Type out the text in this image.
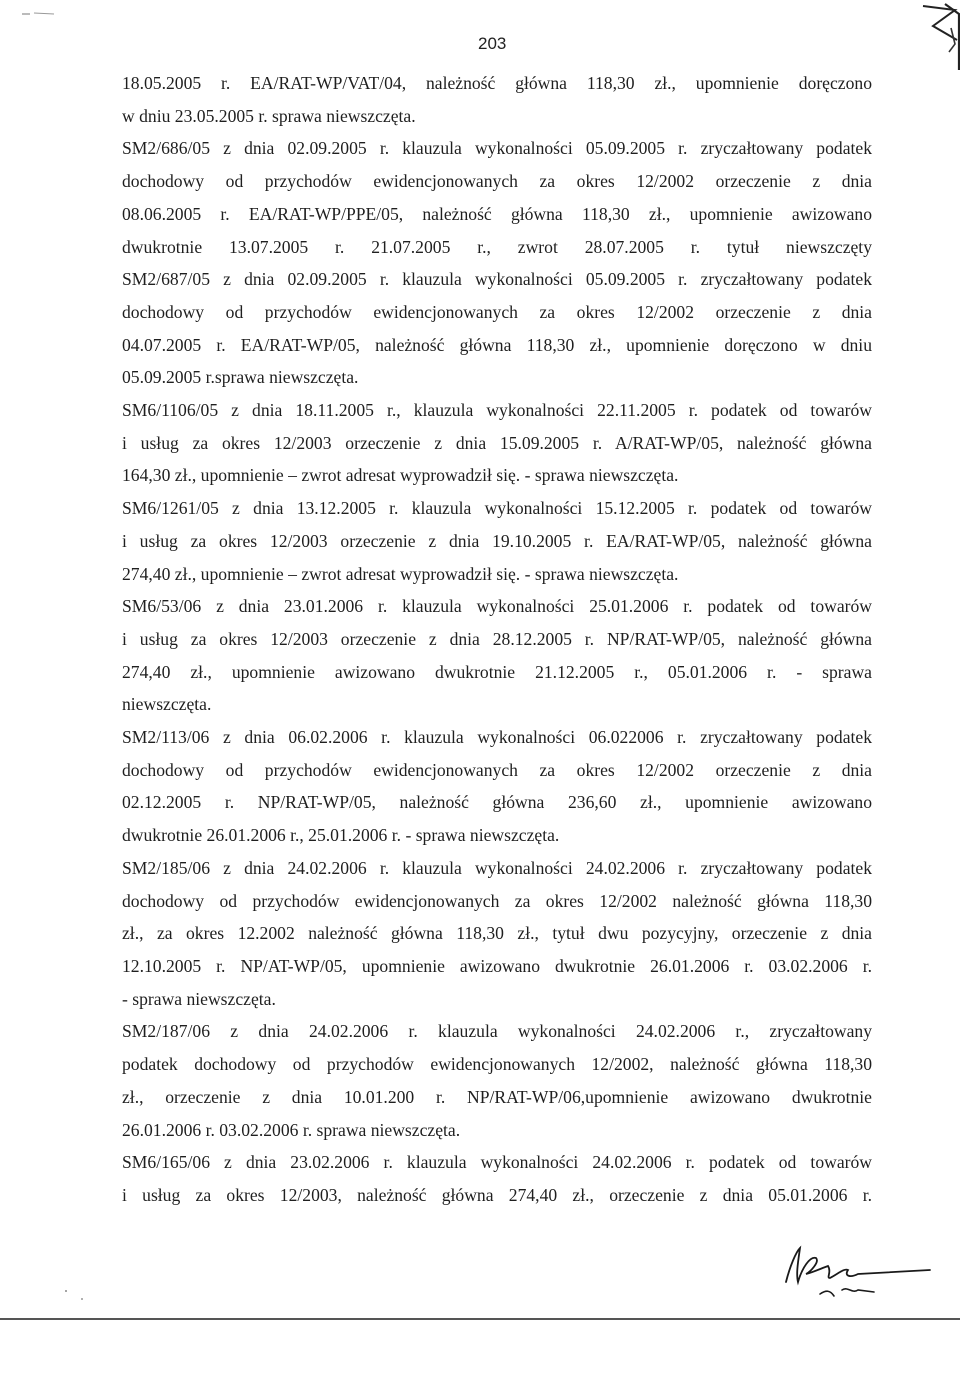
203
18.05.2005 r. EA/RAT-WP/VAT/04, należność główna 118,30 zł., upomnienie doręczono
w dniu 23.05.2005 r. sprawa niewszczęta.
SM2/686/05 z dnia 02.09.2005 r. klauzula wykonalności 05.09.2005 r. zryczałtowany podatek
dochodowy od przychodów ewidencjonowanych za okres 12/2002 orzeczenie z dnia
08.06.2005 r. EA/RAT-WP/PPE/05, należność główna 118,30 zł., upomnienie awizowano
dwukrotnie 13.07.2005 r. 21.07.2005 r., zwrot 28.07.2005 r. tytuł niewszczęty
SM2/687/05 z dnia 02.09.2005 r. klauzula wykonalności 05.09.2005 r. zryczałtowany podatek
dochodowy od przychodów ewidencjonowanych za okres 12/2002 orzeczenie z dnia
04.07.2005 r. EA/RAT-WP/05, należność główna 118,30 zł., upomnienie doręczono w dniu
05.09.2005 r.sprawa niewszczęta.
SM6/1106/05 z dnia 18.11.2005 r., klauzula wykonalności 22.11.2005 r. podatek od towarów
i usług za okres 12/2003 orzeczenie z dnia 15.09.2005 r. A/RAT-WP/05, należność główna
164,30 zł., upomnienie – zwrot adresat wyprowadził się. - sprawa niewszczęta.
SM6/1261/05 z dnia 13.12.2005 r. klauzula wykonalności 15.12.2005 r. podatek od towarów
i usług za okres 12/2003 orzeczenie z dnia 19.10.2005 r. EA/RAT-WP/05, należność główna
274,40 zł., upomnienie – zwrot adresat wyprowadził się. - sprawa niewszczęta.
SM6/53/06 z dnia 23.01.2006 r. klauzula wykonalności 25.01.2006 r. podatek od towarów
i usług za okres 12/2003 orzeczenie z dnia 28.12.2005 r. NP/RAT-WP/05, należność główna
274,40 zł., upomnienie awizowano dwukrotnie 21.12.2005 r., 05.01.2006 r. - sprawa
niewszczęta.
SM2/113/06 z dnia 06.02.2006 r. klauzula wykonalności 06.022006 r. zryczałtowany podatek
dochodowy od przychodów ewidencjonowanych za okres 12/2002 orzeczenie z dnia
02.12.2005 r. NP/RAT-WP/05, należność główna 236,60 zł., upomnienie awizowano
dwukrotnie 26.01.2006 r., 25.01.2006 r. - sprawa niewszczęta.
SM2/185/06 z dnia 24.02.2006 r. klauzula wykonalności 24.02.2006 r. zryczałtowany podatek
dochodowy od przychodów ewidencjonowanych za okres 12/2002 należność główna 118,30
zł., za okres 12.2002 należność główna 118,30 zł., tytuł dwu pozycyjny, orzeczenie z dnia
12.10.2005 r. NP/AT-WP/05, upomnienie awizowano dwukrotnie 26.01.2006 r. 03.02.2006 r.
- sprawa niewszczęta.
SM2/187/06 z dnia 24.02.2006 r. klauzula wykonalności 24.02.2006 r., zryczałtowany
podatek dochodowy od przychodów ewidencjonowanych 12/2002, należność główna 118,30
zł., orzeczenie z dnia 10.01.200 r. NP/RAT-WP/06,upomnienie awizowano dwukrotnie
26.01.2006 r. 03.02.2006 r. sprawa niewszczęta.
SM6/165/06 z dnia 23.02.2006 r. klauzula wykonalności 24.02.2006 r. podatek od towarów
i usług za okres 12/2003, należność główna 274,40 zł., orzeczenie z dnia 05.01.2006 r.
